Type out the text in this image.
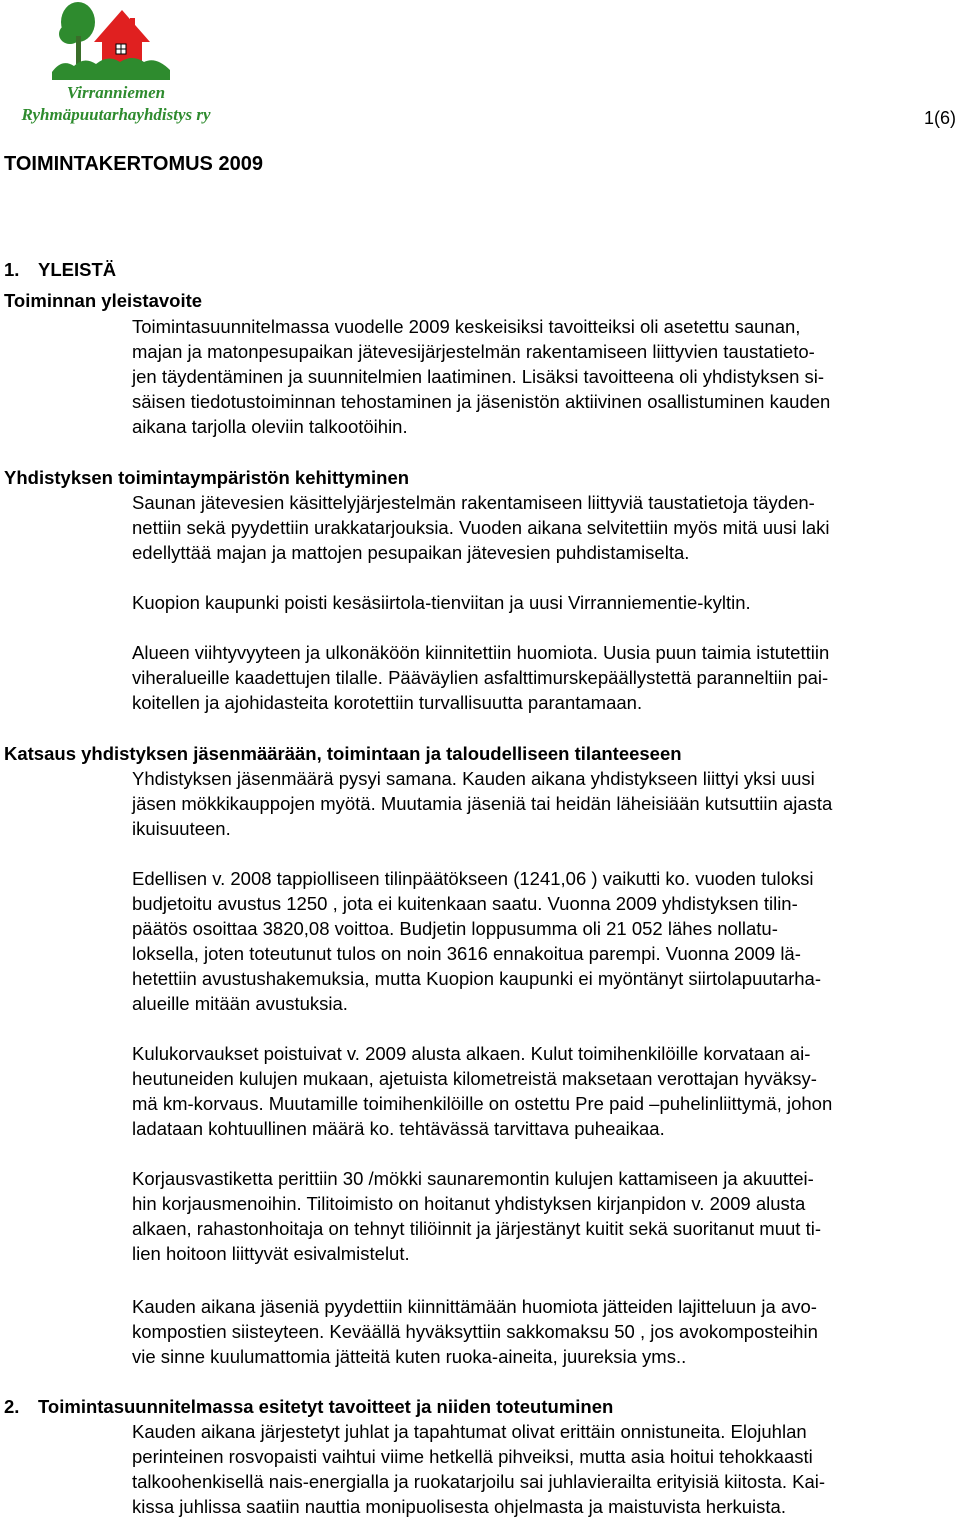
Virranniemen
Ryhmäpuutarhayhdistys ry	1(6)
TOIMINTAKERTOMUS 2009
1. YLEISTÄ
Toiminnan yleistavoite
Toimintasuunnitelmassa vuodelle 2009 keskeisiksi tavoitteiksi oli asetettu saunan,
majan ja matonpesupaikan jätevesijärjestelmän rakentamiseen liittyvien taustatieto-
jen täydentäminen ja suunnitelmien laatiminen. Lisäksi tavoitteena oli yhdistyksen si-
säisen tiedotustoiminnan tehostaminen ja jäsenistön aktiivinen osallistuminen kauden
aikana tarjolla oleviin talkootöihin.
Yhdistyksen toimintaympäristön kehittyminen
Saunan jätevesien käsittelyjärjestelmän rakentamiseen liittyviä taustatietoja täyden-
nettiin sekä pyydettiin urakkatarjouksia. Vuoden aikana selvitettiin myös mitä uusi laki
edellyttää majan ja mattojen pesupaikan jätevesien puhdistamiselta.
Kuopion kaupunki poisti kesäsiirtola-tienviitan ja uusi Virranniementie-kyltin.
Alueen viihtyvyyteen ja ulkonäköön kiinnitettiin huomiota. Uusia puun taimia istutettiin
viheralueille kaadettujen tilalle. Pääväylien asfalttimurskepäällystettä paranneltiin pai-
koitellen ja ajohidasteita korotettiin turvallisuutta parantamaan.
Katsaus yhdistyksen jäsenmäärään, toimintaan ja taloudelliseen tilanteeseen
Yhdistyksen jäsenmäärä pysyi samana. Kauden aikana yhdistykseen liittyi yksi uusi
jäsen mökkikauppojen myötä. Muutamia jäseniä tai heidän läheisiään kutsuttiin ajasta
ikuisuuteen.
Edellisen v. 2008 tappiolliseen tilinpäätökseen (1241,06 ) vaikutti ko. vuoden tuloksi
budjetoitu avustus 1250 , jota ei kuitenkaan saatu. Vuonna 2009 yhdistyksen tilin-
päätös osoittaa 3820,08 voittoa. Budjetin loppusumma oli 21 052 lähes nollatu-
loksella, joten toteutunut tulos on noin 3616 ennakoitua parempi. Vuonna 2009 lä-
hetettiin avustushakemuksia, mutta Kuopion kaupunki ei myöntänyt siirtolapuutarha-
alueille mitään avustuksia.
Kulukorvaukset poistuivat v. 2009 alusta alkaen. Kulut toimihenkilöille korvataan ai-
heutuneiden kulujen mukaan, ajetuista kilometreistä maksetaan verottajan hyväksy-
mä km-korvaus. Muutamille toimihenkilöille on ostettu Pre paid –puhelinliittymä, johon
ladataan kohtuullinen määrä ko. tehtävässä tarvittava puheaikaa.
Korjausvastiketta perittiin 30 /mökki saunaremontin kulujen kattamiseen ja akuuttei-
hin korjausmenoihin. Tilitoimisto on hoitanut yhdistyksen kirjanpidon v. 2009 alusta
alkaen, rahastonhoitaja on tehnyt tiliöinnit ja järjestänyt kuitit sekä suoritanut muut ti-
lien hoitoon liittyvät esivalmistelut.
Kauden aikana jäseniä pyydettiin kiinnittämään huomiota jätteiden lajitteluun ja avo-
kompostien siisteyteen. Keväällä hyväksyttiin sakkomaksu 50 , jos avokomposteihin
vie sinne kuulumattomia jätteitä kuten ruoka-aineita, juureksia yms..
2. Toimintasuunnitelmassa esitetyt tavoitteet ja niiden toteutuminen
Kauden aikana järjestetyt juhlat ja tapahtumat olivat erittäin onnistuneita. Elojuhlan
perinteinen rosvopaisti vaihtui viime hetkellä pihveiksi, mutta asia hoitui tehokkaasti
talkoohenkisellä nais-energialla ja ruokatarjoilu sai juhlavierailta erityisiä kiitosta. Kai-
kissa juhlissa saatiin nauttia monipuolisesta ohjelmasta ja maistuvista herkuista.
